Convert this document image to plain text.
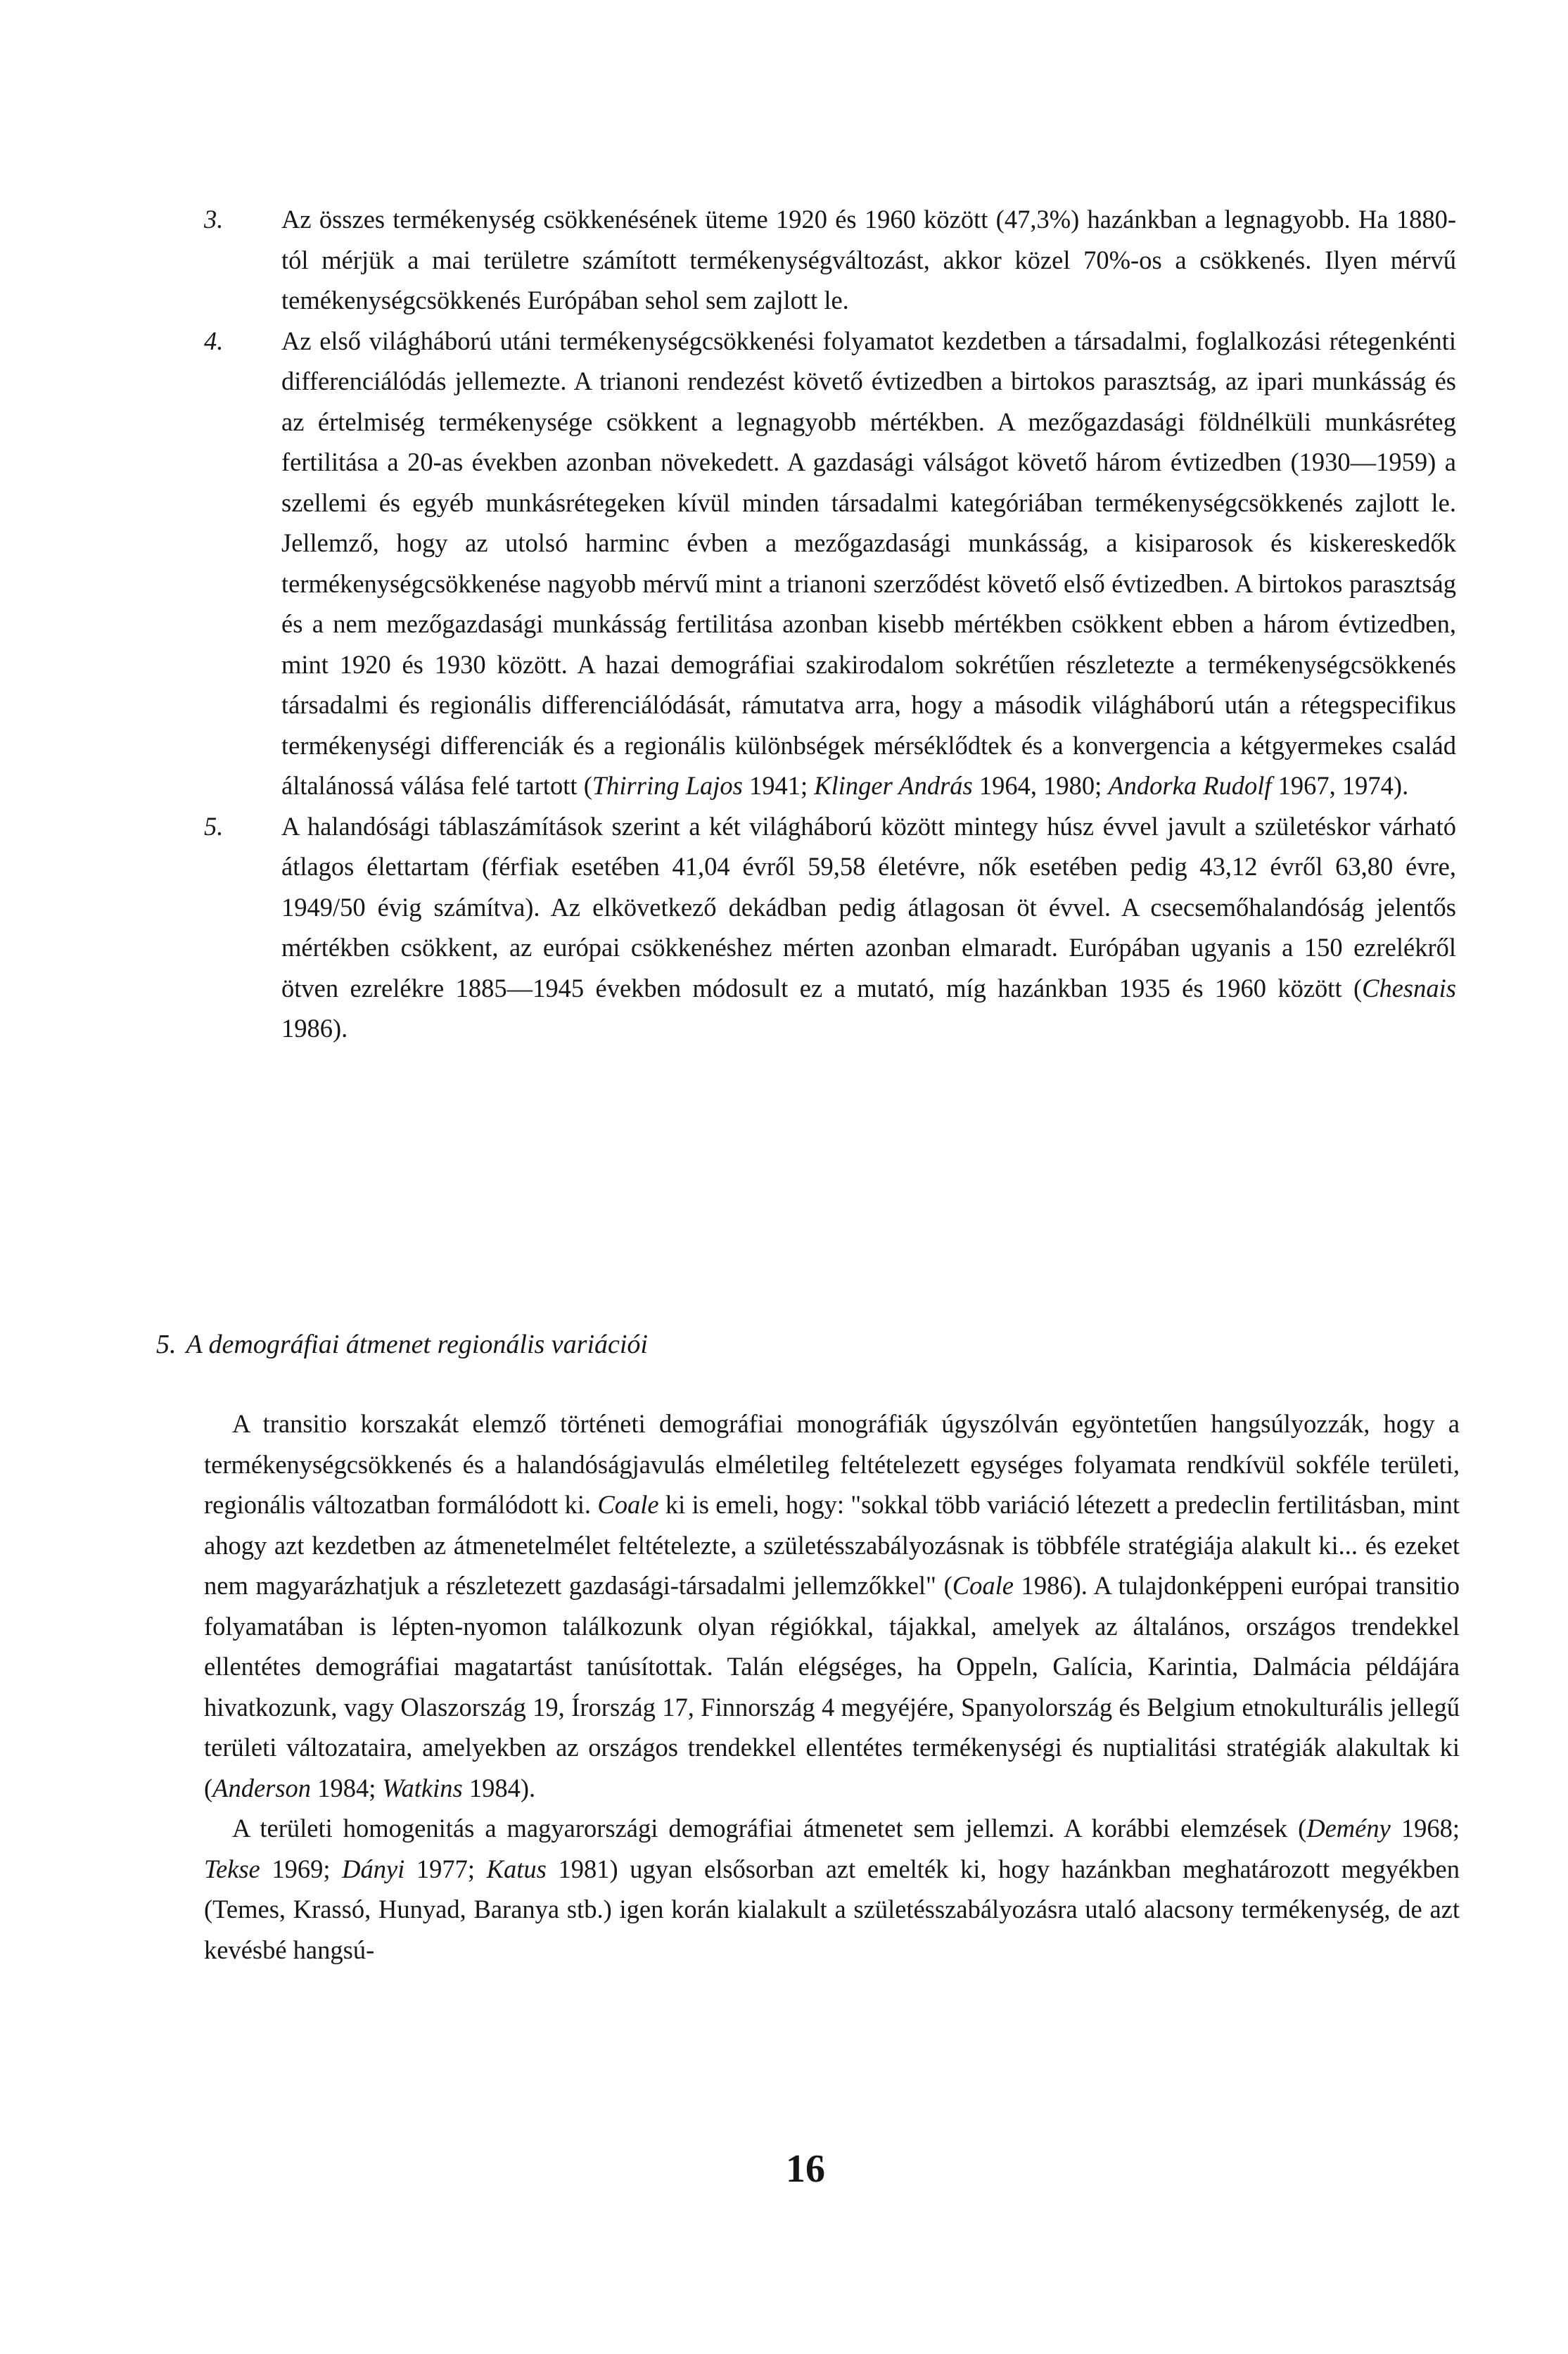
3. Az összes termékenység csökkenésének üteme 1920 és 1960 között (47,3%) hazánkban a legnagyobb. Ha 1880-tól mérjük a mai területre számított termékenységváltozást, akkor közel 70%-os a csökkenés. Ilyen mérvű temékenységcsökkenés Európában sehol sem zajlott le.
4. Az első világháború utáni termékenységcsökkenési folyamatot kezdetben a társadalmi, foglalkozási rétegenkénti differenciálódás jellemezte. A trianoni rendezést követő évtizedben a birtokos parasztság, az ipari munkásság és az értelmiség termékenysége csökkent a legnagyobb mértékben. A mezőgazdasági földnélküli munkásréteg fertilitása a 20-as években azonban növekedett. A gazdasági válságot követő három évtizedben (1930—1959) a szellemi és egyéb munkásrétegeken kívül minden társadalmi kategóriában termékenységcsökkenés zajlott le. Jellemző, hogy az utolsó harminc évben a mezőgazdasági munkásság, a kisiparosok és kiskereskedők termékenységcsökkenése nagyobb mérvű mint a trianoni szerződést követő első évtizedben. A birtokos parasztság és a nem mezőgazdasági munkásság fertilitása azonban kisebb mértékben csökkent ebben a három évtizedben, mint 1920 és 1930 között. A hazai demográfiai szakirodalom sokrétűen részletezte a termékenységcsökkenés társadalmi és regionális differenciálódását, rámutatva arra, hogy a második világháború után a rétegspecifikus termékenységi differenciák és a regionális különbségek mérséklődtek és a konvergencia a kétgyermekes család általánossá válása felé tartott (Thirring Lajos 1941; Klinger András 1964, 1980; Andorka Rudolf 1967, 1974).
5. A halandósági táblaszámítások szerint a két világháború között mintegy húsz évvel javult a születéskor várható átlagos élettartam (férfiak esetében 41,04 évről 59,58 életévre, nők esetében pedig 43,12 évről 63,80 évre, 1949/50 évig számítva). Az elkövetkező dekádban pedig átlagosan öt évvel. A csecsemőhalandóság jelentős mértékben csökkent, az európai csökkenéshez mérten azonban elmaradt. Európában ugyanis a 150 ezrelékről ötven ezrelékre 1885—1945 években módosult ez a mutató, míg hazánkban 1935 és 1960 között (Chesnais 1986).
5. A demográfiai átmenet regionális variációi

A transitio korszakát elemző történeti demográfiai monográfiák úgyszólván egyöntetűen hangsúlyozzák, hogy a termékenységcsökkenés és a halandóságjavulás elméletileg feltételezett egységes folyamata rendkívül sokféle területi, regionális változatban formálódott ki. Coale ki is emeli, hogy: "sokkal több variáció létezett a predeclin fertilitásban, mint ahogy azt kezdetben az átmenetelmélet feltételezte, a születésszabályozásnak is többféle stratégiája alakult ki... és ezeket nem magyarázhatjuk a részletezett gazdasági-társadalmi jellemzőkkel" (Coale 1986). A tulajdonképpeni európai transitio folyamatában is lépten-nyomon találkozunk olyan régiókkal, tájakkal, amelyek az általános, országos trendekkel ellentétes demográfiai magatartást tanúsítottak. Talán elégséges, ha Oppeln, Galícia, Karintia, Dalmácia példájára hivatkozunk, vagy Olaszország 19, Írország 17, Finnország 4 megyéjére, Spanyolország és Belgium etnokulturális jellegű területi változataira, amelyekben az országos trendekkel ellentétes termékenységi és nuptialitási stratégiák alakultak ki (Anderson 1984; Watkins 1984).

A területi homogenitás a magyarországi demográfiai átmenetet sem jellemzi. A korábbi elemzések (Demény 1968; Tekse 1969; Dányi 1977; Katus 1981) ugyan elsősorban azt emelték ki, hogy hazánkban meghatározott megyékben (Temes, Krassó, Hunyad, Baranya stb.) igen korán kialakult a születésszabályozásra utaló alacsony termékenység, de azt kevésbé hangsú-

16
